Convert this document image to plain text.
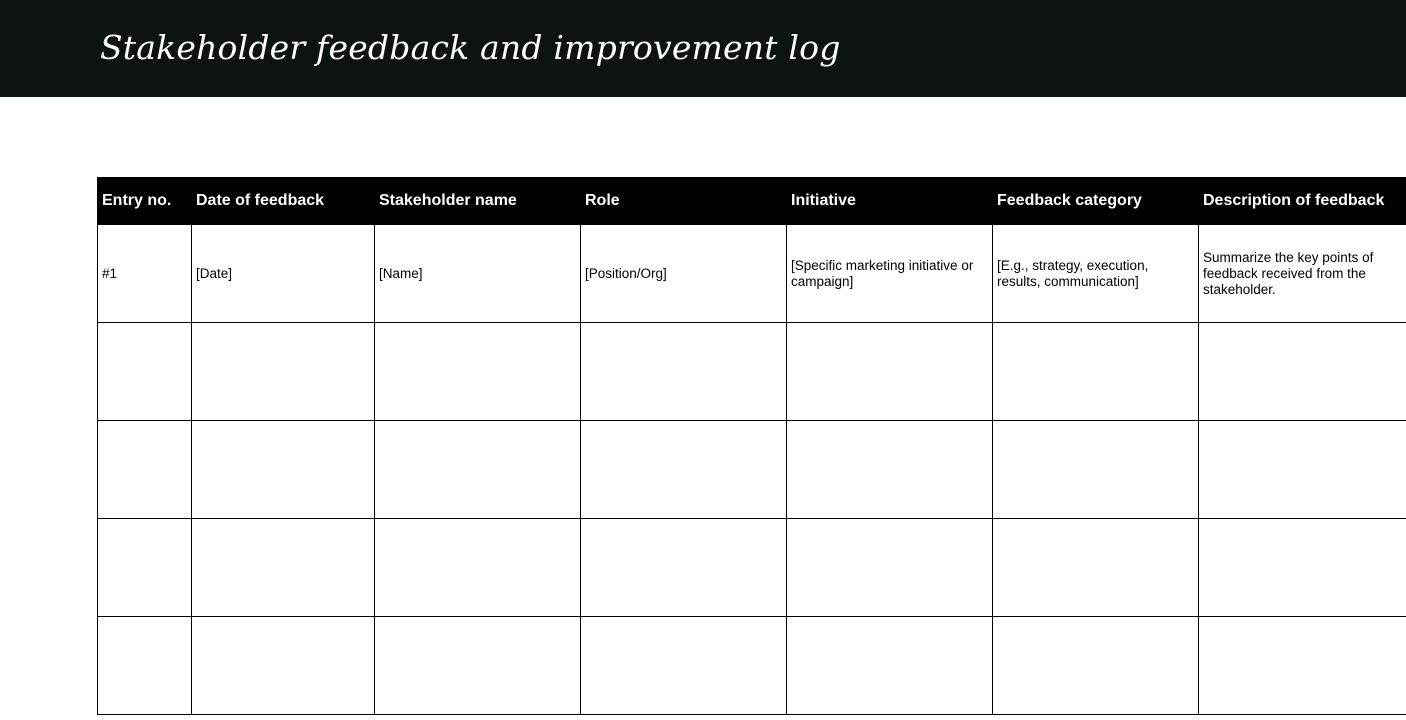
Stakeholder feedback and improvement log
Entry no.	Date of feedback	Stakeholder name	Role	Initiative	Feedback category	Description of feedback
#1	[Date]	[Name]	[Position/Org]	[Specific marketing initiative or campaign]	[E.g., strategy, execution, results, communication]	Summarize the key points of feedback received from the stakeholder.
